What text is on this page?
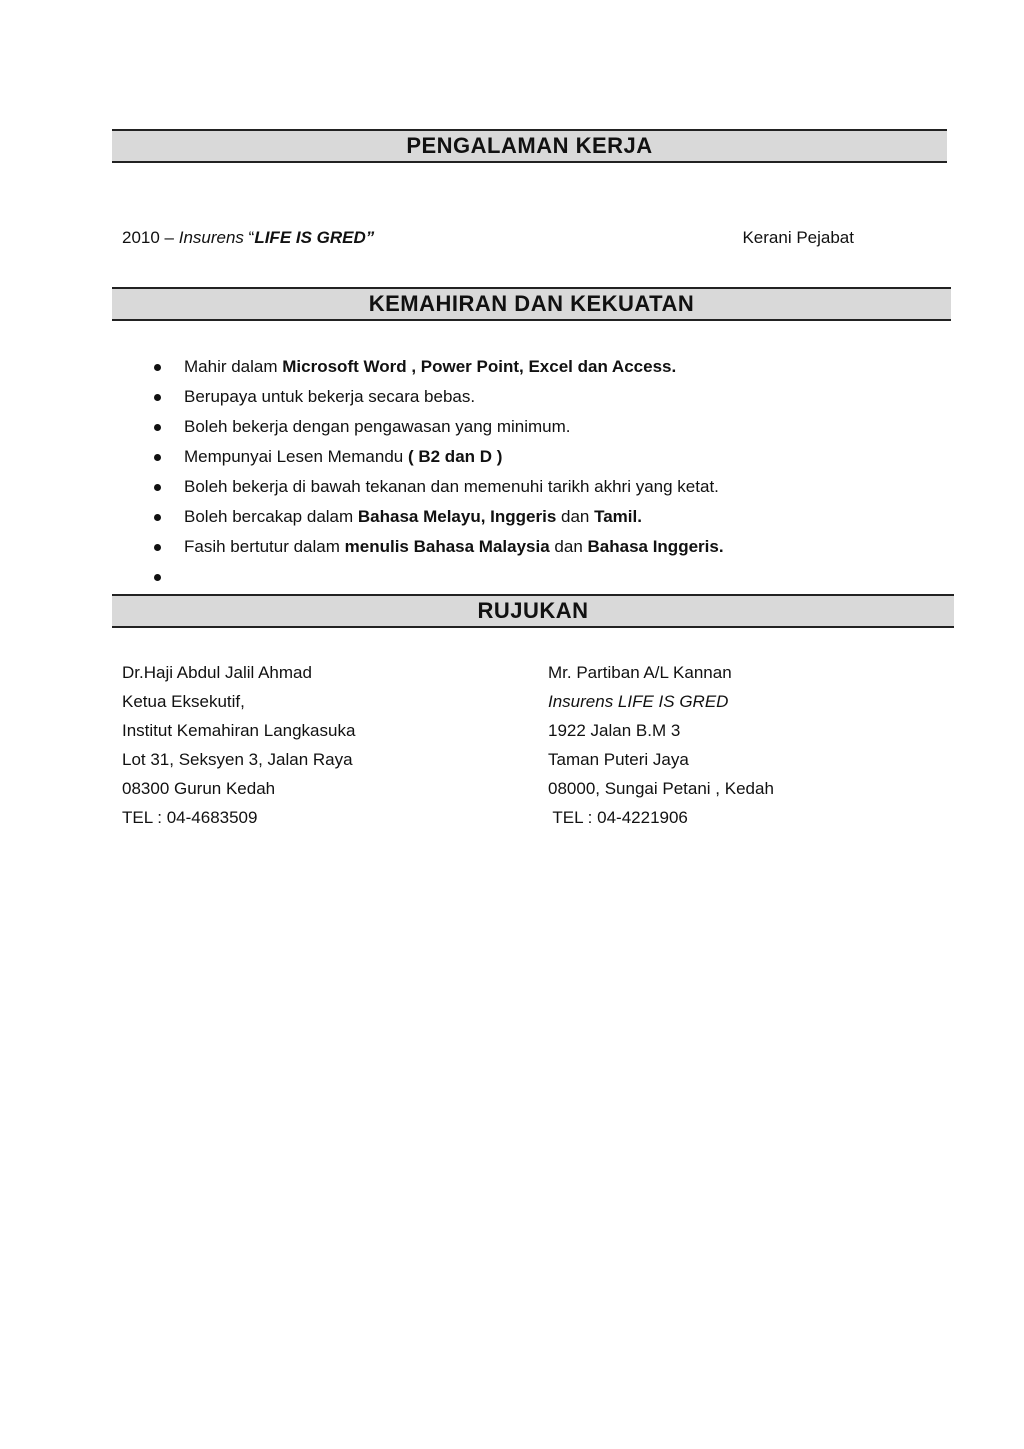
PENGALAMAN KERJA
2010 – Insurens “LIFE IS GRED”	Kerani Pejabat
KEMAHIRAN DAN KEKUATAN
Mahir dalam Microsoft Word , Power Point, Excel dan Access.
Berupaya untuk bekerja secara bebas.
Boleh bekerja dengan pengawasan yang minimum.
Mempunyai Lesen Memandu ( B2 dan D )
Boleh bekerja di bawah tekanan dan memenuhi tarikh akhri yang ketat.
Boleh bercakap dalam Bahasa Melayu, Inggeris dan Tamil.
Fasih bertutur dalam menulis Bahasa Malaysia dan Bahasa Inggeris.
RUJUKAN
Dr.Haji Abdul Jalil Ahmad
Ketua Eksekutif,
Institut Kemahiran Langkasuka
Lot 31, Seksyen 3, Jalan Raya
08300 Gurun Kedah
TEL : 04-4683509
Mr. Partiban A/L Kannan
Insurens LIFE IS GRED
1922 Jalan B.M 3
Taman Puteri Jaya
08000, Sungai Petani , Kedah
TEL : 04-4221906
